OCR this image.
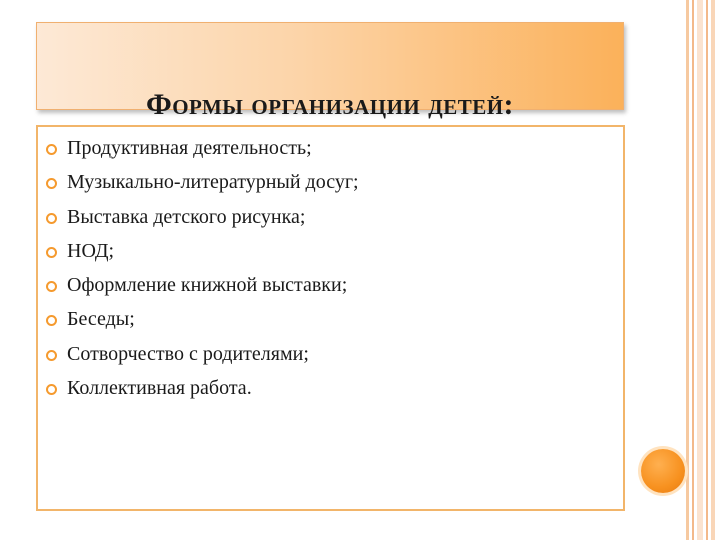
Формы организации детей:
Продуктивная деятельность;
Музыкально-литературный досуг;
Выставка детского рисунка;
НОД;
Оформление книжной выставки;
Беседы;
Сотворчество с родителями;
Коллективная работа.
